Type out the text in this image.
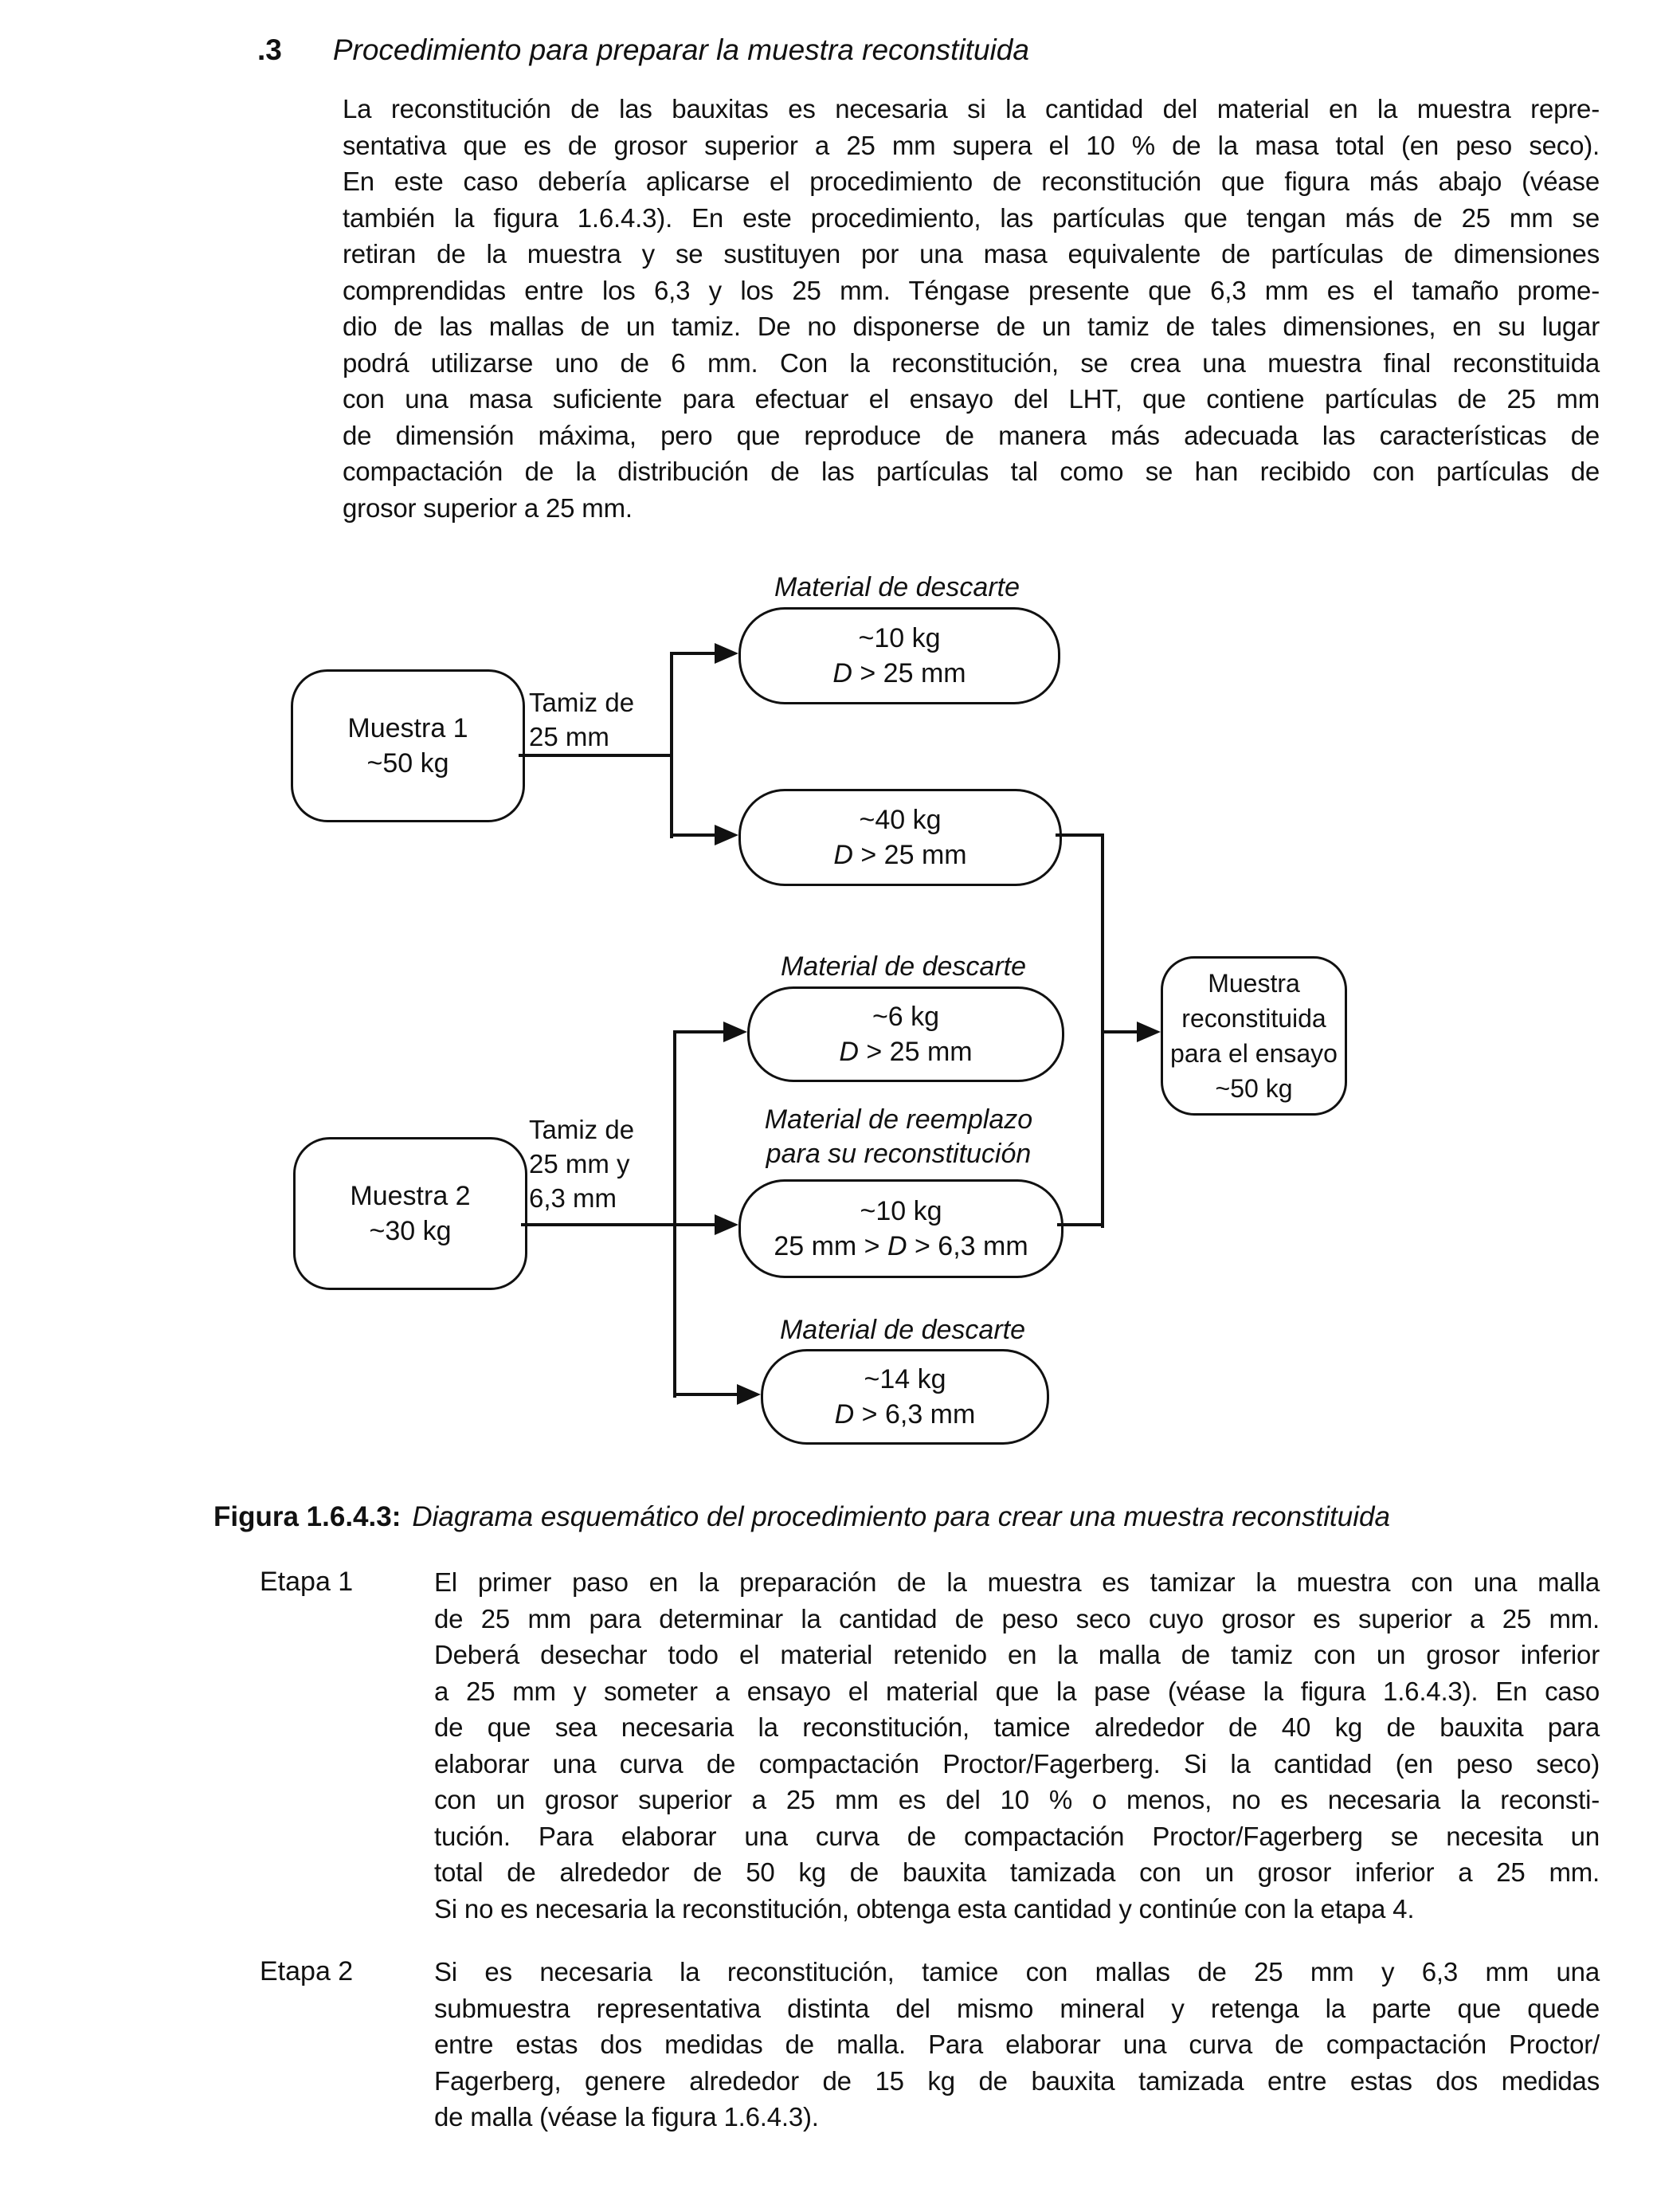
.3 Procedimiento para preparar la muestra reconstituida
La reconstitución de las bauxitas es necesaria si la cantidad del material en la muestra repre-
sentativa que es de grosor superior a 25 mm supera el 10 % de la masa total (en peso seco).
En este caso debería aplicarse el procedimiento de reconstitución que figura más abajo (véase
también la figura 1.6.4.3). En este procedimiento, las partículas que tengan más de 25 mm se
retiran de la muestra y se sustituyen por una masa equivalente de partículas de dimensiones
comprendidas entre los 6,3 y los 25 mm. Téngase presente que 6,3 mm es el tamaño prome-
dio de las mallas de un tamiz. De no disponerse de un tamiz de tales dimensiones, en su lugar
podrá utilizarse uno de 6 mm. Con la reconstitución, se crea una muestra final reconstituida
con una masa suficiente para efectuar el ensayo del LHT, que contiene partículas de 25 mm
de dimensión máxima, pero que reproduce de manera más adecuada las características de
compactación de la distribución de las partículas tal como se han recibido con partículas de
grosor superior a 25 mm.
Muestra 1
~50 kg
Muestra 2
~30 kg
Tamiz de
25 mm
Tamiz de
25 mm y
6,3 mm
Material de descarte
Material de descarte
Material de reemplazo
para su reconstitución
Material de descarte
~10 kg
D > 25 mm
~40 kg
D > 25 mm
~6 kg
D > 25 mm
~10 kg
25 mm > D > 6,3 mm
~14 kg
D > 6,3 mm
Muestra
reconstituida
para el ensayo
~50 kg
Figura 1.6.4.3: Diagrama esquemático del procedimiento para crear una muestra reconstituida
Etapa 1	El primer paso en la preparación de la muestra es tamizar la muestra con una malla
de 25 mm para determinar la cantidad de peso seco cuyo grosor es superior a 25 mm.
Deberá desechar todo el material retenido en la malla de tamiz con un grosor inferior
a 25 mm y someter a ensayo el material que la pase (véase la figura 1.6.4.3). En caso
de que sea necesaria la reconstitución, tamice alrededor de 40 kg de bauxita para
elaborar una curva de compactación Proctor/Fagerberg. Si la cantidad (en peso seco)
con un grosor superior a 25 mm es del 10 % o menos, no es necesaria la reconsti-
tución. Para elaborar una curva de compactación Proctor/Fagerberg se necesita un
total de alrededor de 50 kg de bauxita tamizada con un grosor inferior a 25 mm.
Si no es necesaria la reconstitución, obtenga esta cantidad y continúe con la etapa 4.
Etapa 2	Si es necesaria la reconstitución, tamice con mallas de 25 mm y 6,3 mm una
submuestra representativa distinta del mismo mineral y retenga la parte que quede
entre estas dos medidas de malla. Para elaborar una curva de compactación Proctor/
Fagerberg, genere alrededor de 15 kg de bauxita tamizada entre estas dos medidas
de malla (véase la figura 1.6.4.3).
